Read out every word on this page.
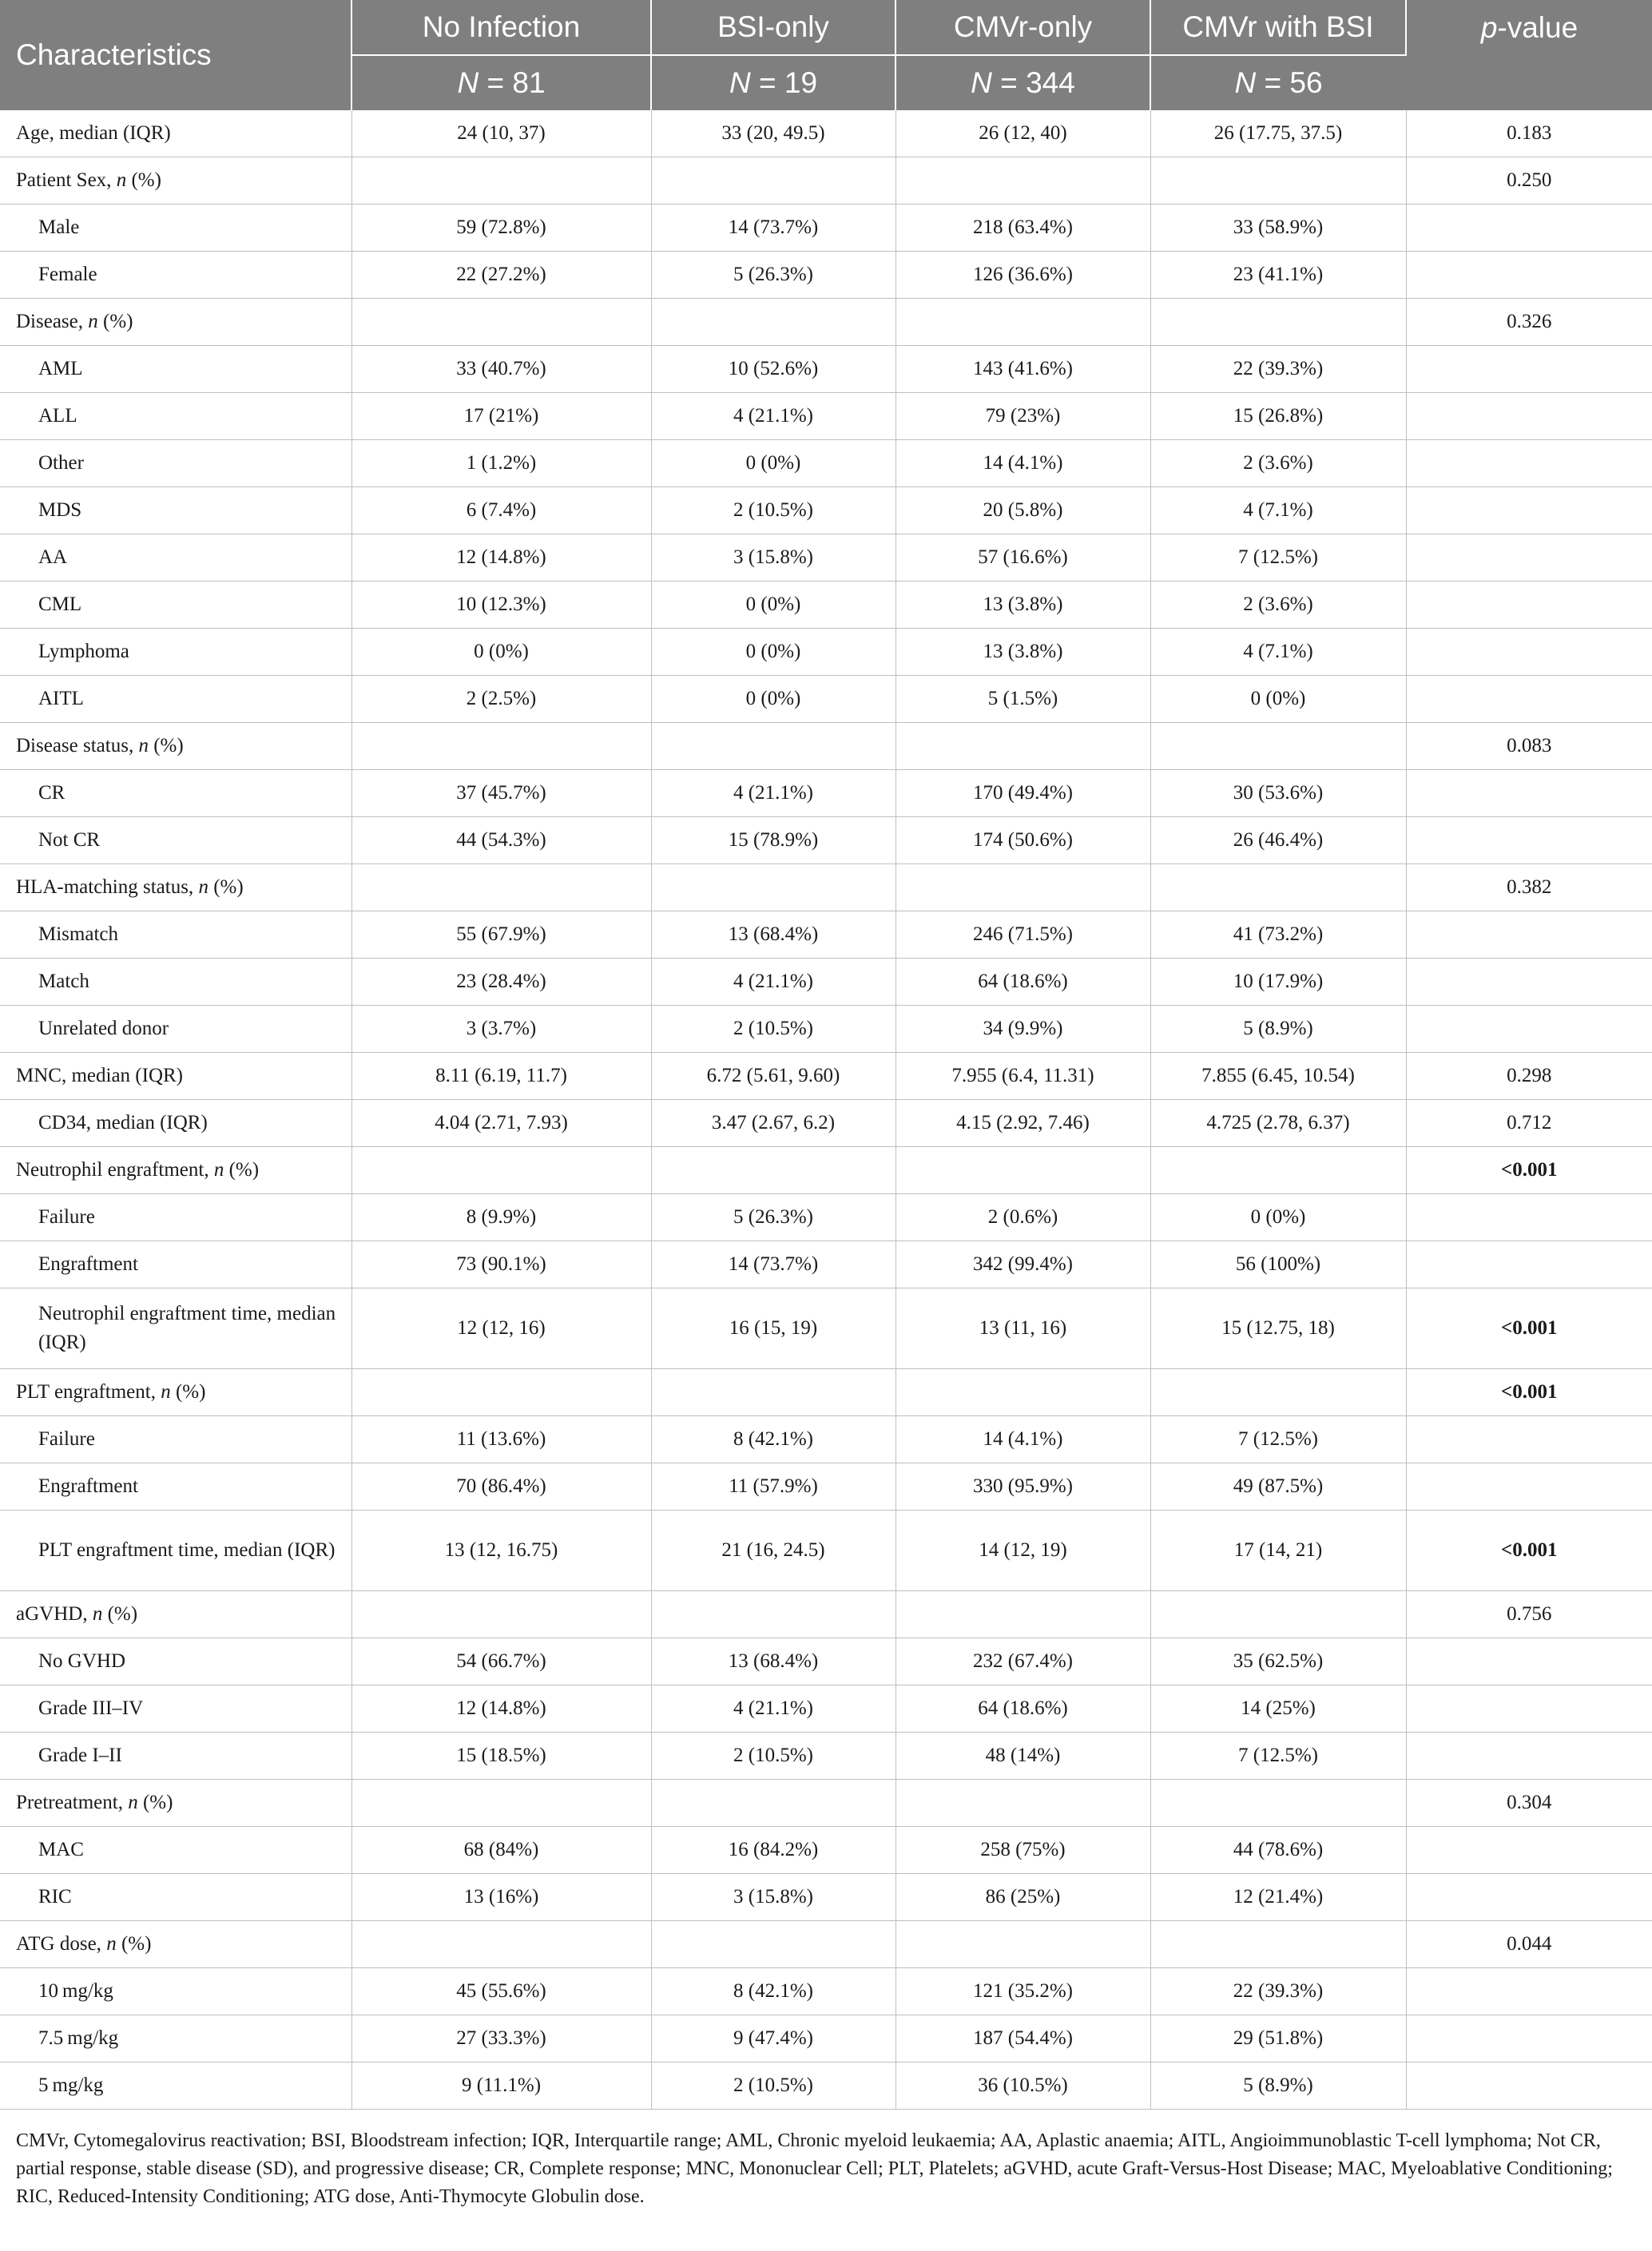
Characteristics	No Infection	BSI-only	CMVr-only	CMVr with BSI	p-value
	N = 81	N = 19	N = 344	N = 56	
Age, median (IQR)	24 (10, 37)	33 (20, 49.5)	26 (12, 40)	26 (17.75, 37.5)	0.183
Patient Sex, n (%)					0.250
Male	59 (72.8%)	14 (73.7%)	218 (63.4%)	33 (58.9%)	
Female	22 (27.2%)	5 (26.3%)	126 (36.6%)	23 (41.1%)	
Disease, n (%)					0.326
AML	33 (40.7%)	10 (52.6%)	143 (41.6%)	22 (39.3%)	
ALL	17 (21%)	4 (21.1%)	79 (23%)	15 (26.8%)	
Other	1 (1.2%)	0 (0%)	14 (4.1%)	2 (3.6%)	
MDS	6 (7.4%)	2 (10.5%)	20 (5.8%)	4 (7.1%)	
AA	12 (14.8%)	3 (15.8%)	57 (16.6%)	7 (12.5%)	
CML	10 (12.3%)	0 (0%)	13 (3.8%)	2 (3.6%)	
Lymphoma	0 (0%)	0 (0%)	13 (3.8%)	4 (7.1%)	
AITL	2 (2.5%)	0 (0%)	5 (1.5%)	0 (0%)	
Disease status, n (%)					0.083
CR	37 (45.7%)	4 (21.1%)	170 (49.4%)	30 (53.6%)	
Not CR	44 (54.3%)	15 (78.9%)	174 (50.6%)	26 (46.4%)	
HLA-matching status, n (%)					0.382
Mismatch	55 (67.9%)	13 (68.4%)	246 (71.5%)	41 (73.2%)	
Match	23 (28.4%)	4 (21.1%)	64 (18.6%)	10 (17.9%)	
Unrelated donor	3 (3.7%)	2 (10.5%)	34 (9.9%)	5 (8.9%)	
MNC, median (IQR)	8.11 (6.19, 11.7)	6.72 (5.61, 9.60)	7.955 (6.4, 11.31)	7.855 (6.45, 10.54)	0.298
CD34, median (IQR)	4.04 (2.71, 7.93)	3.47 (2.67, 6.2)	4.15 (2.92, 7.46)	4.725 (2.78, 6.37)	0.712
Neutrophil engraftment, n (%)					<0.001
Failure	8 (9.9%)	5 (26.3%)	2 (0.6%)	0 (0%)	
Engraftment	73 (90.1%)	14 (73.7%)	342 (99.4%)	56 (100%)	
Neutrophil engraftment time, median (IQR)	12 (12, 16)	16 (15, 19)	13 (11, 16)	15 (12.75, 18)	<0.001
PLT engraftment, n (%)					<0.001
Failure	11 (13.6%)	8 (42.1%)	14 (4.1%)	7 (12.5%)	
Engraftment	70 (86.4%)	11 (57.9%)	330 (95.9%)	49 (87.5%)	
PLT engraftment time, median (IQR)	13 (12, 16.75)	21 (16, 24.5)	14 (12, 19)	17 (14, 21)	<0.001
aGVHD, n (%)					0.756
No GVHD	54 (66.7%)	13 (68.4%)	232 (67.4%)	35 (62.5%)	
Grade III–IV	12 (14.8%)	4 (21.1%)	64 (18.6%)	14 (25%)	
Grade I–II	15 (18.5%)	2 (10.5%)	48 (14%)	7 (12.5%)	
Pretreatment, n (%)					0.304
MAC	68 (84%)	16 (84.2%)	258 (75%)	44 (78.6%)	
RIC	13 (16%)	3 (15.8%)	86 (25%)	12 (21.4%)	
ATG dose, n (%)					0.044
10 mg/kg	45 (55.6%)	8 (42.1%)	121 (35.2%)	22 (39.3%)	
7.5 mg/kg	27 (33.3%)	9 (47.4%)	187 (54.4%)	29 (51.8%)	
5 mg/kg	9 (11.1%)	2 (10.5%)	36 (10.5%)	5 (8.9%)	
CMVr, Cytomegalovirus reactivation; BSI, Bloodstream infection; IQR, Interquartile range; AML, Chronic myeloid leukaemia; AA, Aplastic anaemia; AITL, Angioimmunoblastic T-cell lymphoma; Not CR, partial response, stable disease (SD), and progressive disease; CR, Complete response; MNC, Mononuclear Cell; PLT, Platelets; aGVHD, acute Graft-Versus-Host Disease; MAC, Myeloablative Conditioning; RIC, Reduced-Intensity Conditioning; ATG dose, Anti-Thymocyte Globulin dose.
